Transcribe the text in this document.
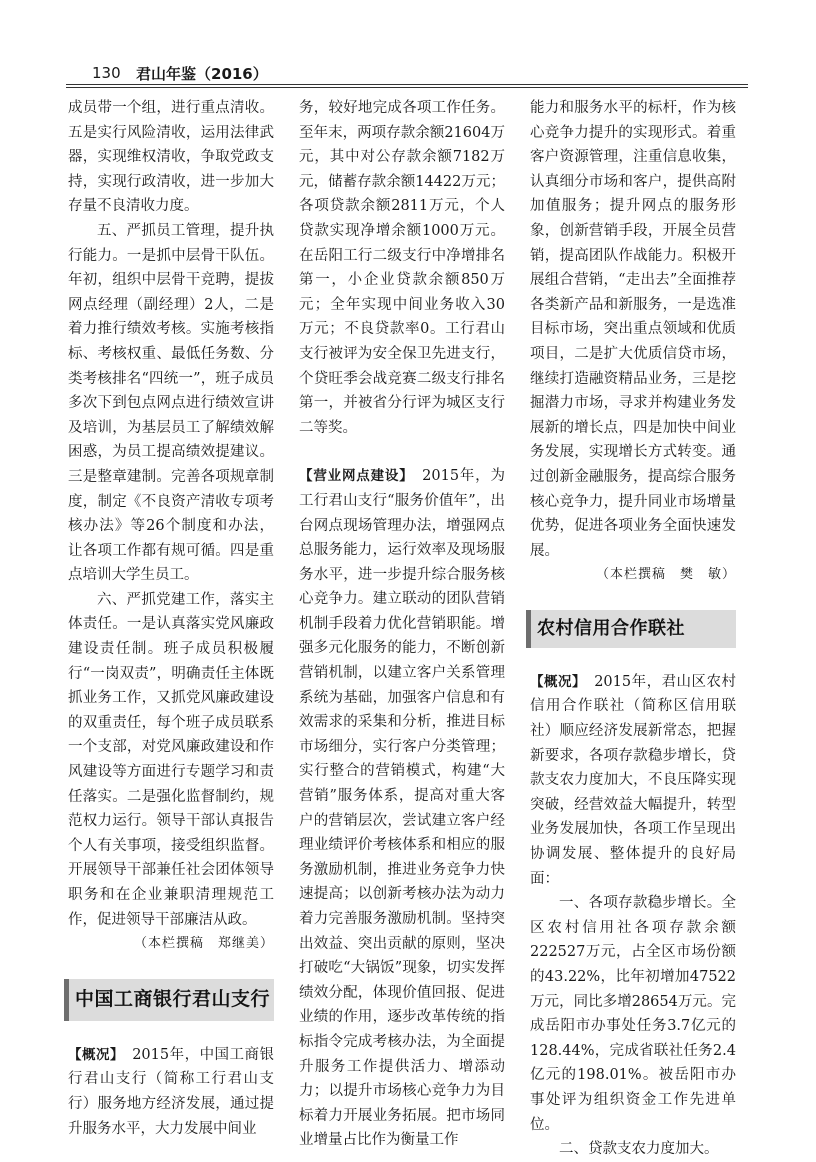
130 君山年鉴（2016）

成员带一个组，进行重点清收。五是实行风险清收，运用法律武器，实现维权清收，争取党政支持，实现行政清收，进一步加大存量不良清收力度。

五、严抓员工管理，提升执行能力。一是抓中层骨干队伍。年初，组织中层骨干竞聘，提拔网点经理（副经理）2人，二是着力推行绩效考核。实施考核指标、考核权重、最低任务数、分类考核排名“四统一”，班子成员多次下到包点网点进行绩效宣讲及培训，为基层员工了解绩效解困惑，为员工提高绩效提建议。三是整章建制。完善各项规章制度，制定《不良资产清收专项考核办法》等26个制度和办法，让各项工作都有规可循。四是重点培训大学生员工。

六、严抓党建工作，落实主体责任。一是认真落实党风廉政建设责任制。班子成员积极履行“一岗双责”，明确责任主体既抓业务工作，又抓党风廉政建设的双重责任，每个班子成员联系一个支部，对党风廉政建设和作风建设等方面进行专题学习和责任落实。二是强化监督制约，规范权力运行。领导干部认真报告个人有关事项，接受组织监督。开展领导干部兼任社会团体领导职务和在企业兼职清理规范工作，促进领导干部廉洁从政。

（本栏撰稿　郑继美）

中国工商银行君山支行

【概况】　 2015年，中国工商银行君山支行（简称工行君山支行）服务地方经济发展，通过提升服务水平，大力发展中间业

务，较好地完成各项工作任务。至年末，两项存款余额21604万元，其中对公存款余额7182万元，储蓄存款余额14422万元；各项贷款余额2811万元，个人贷款实现净增余额1000万元。在岳阳工行二级支行中净增排名第一，小企业贷款余额850万元；全年实现中间业务收入30万元；不良贷款率0。工行君山支行被评为安全保卫先进支行，个贷旺季会战竞赛二级支行排名第一，并被省分行评为城区支行二等奖。

【营业网点建设】　 2015年，为工行君山支行“服务价值年”，出台网点现场管理办法，增强网点总服务能力，运行效率及现场服务水平，进一步提升综合服务核心竞争力。建立联动的团队营销机制手段着力优化营销职能。增强多元化服务的能力，不断创新营销机制，以建立客户关系管理系统为基础，加强客户信息和有效需求的采集和分析，推进目标市场细分，实行客户分类管理；实行整合的营销模式，构建“大营销”服务体系，提高对重大客户的营销层次，尝试建立客户经理业绩评价考核体系和相应的服务激励机制，推进业务竞争力快速提高；以创新考核办法为动力着力完善服务激励机制。坚持突出效益、突出贡献的原则，坚决打破吃“大锅饭”现象，切实发挥绩效分配，体现价值回报、促进业绩的作用，逐步改革传统的指标指令完成考核办法，为全面提升服务工作提供活力、增添动力；以提升市场核心竞争力为目标着力开展业务拓展。把市场同业增量占比作为衡量工作

能力和服务水平的标杆，作为核心竞争力提升的实现形式。着重客户资源管理，注重信息收集，认真细分市场和客户，提供高附加值服务；提升网点的服务形象，创新营销手段，开展全员营销，提高团队作战能力。积极开展组合营销，“走出去”全面推荐各类新产品和新服务，一是选准目标市场，突出重点领域和优质项目，二是扩大优质信贷市场，继续打造融资精品业务，三是挖掘潜力市场，寻求并构建业务发展新的增长点，四是加快中间业务发展，实现增长方式转变。通过创新金融服务，提高综合服务核心竞争力，提升同业市场增量优势，促进各项业务全面快速发展。

（本栏撰稿　樊　敏）

农村信用合作联社

【概况】　 2015年，君山区农村信用合作联社（简称区信用联社）顺应经济发展新常态，把握新要求，各项存款稳步增长，贷款支农力度加大，不良压降实现突破，经营效益大幅提升，转型业务发展加快，各项工作呈现出协调发展、整体提升的良好局面：

一、各项存款稳步增长。全区农村信用社各项存款余额222527万元，占全区市场份额的43.22%，比年初增加47522万元，同比多增28654万元。完成岳阳市办事处任务3.7亿元的128.44%，完成省联社任务2.4亿元的198.01%。被岳阳市办事处评为组织资金工作先进单位。

二、贷款支农力度加大。
